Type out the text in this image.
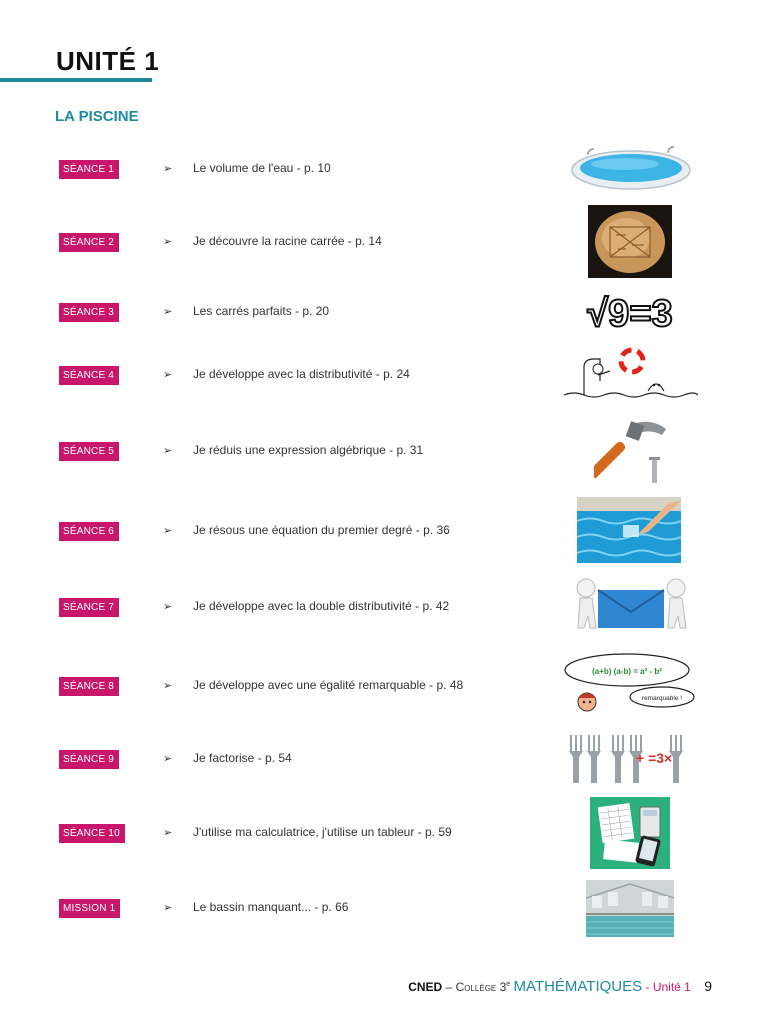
UNITÉ 1
LA PISCINE
SÉANCE 1	➢ Le volume de l'eau - p. 10
SÉANCE 2	➢ Je découvre la racine carrée - p. 14
SÉANCE 3	➢ Les carrés parfaits - p. 20	√9=3
SÉANCE 4	➢ Je développe avec la distributivité - p. 24
SÉANCE 5	➢ Je réduis une expression algébrique - p. 31
SÉANCE 6	➢ Je résous une équation du premier degré - p. 36
SÉANCE 7	➢ Je développe avec la double distributivité - p. 42
SÉANCE 8	➢ Je développe avec une égalité remarquable - p. 48
(a+b) (a-b) = a² - b²
remarquable !
SÉANCE 9	➢ Je factorise - p. 54	+ =3×
SÉANCE 10	➢ J'utilise ma calculatrice, j'utilise un tableur - p. 59
MISSION 1	➢ Le bassin manquant... - p. 66
CNED – Collège 3e MATHÉMATIQUES - Unité 1 9
